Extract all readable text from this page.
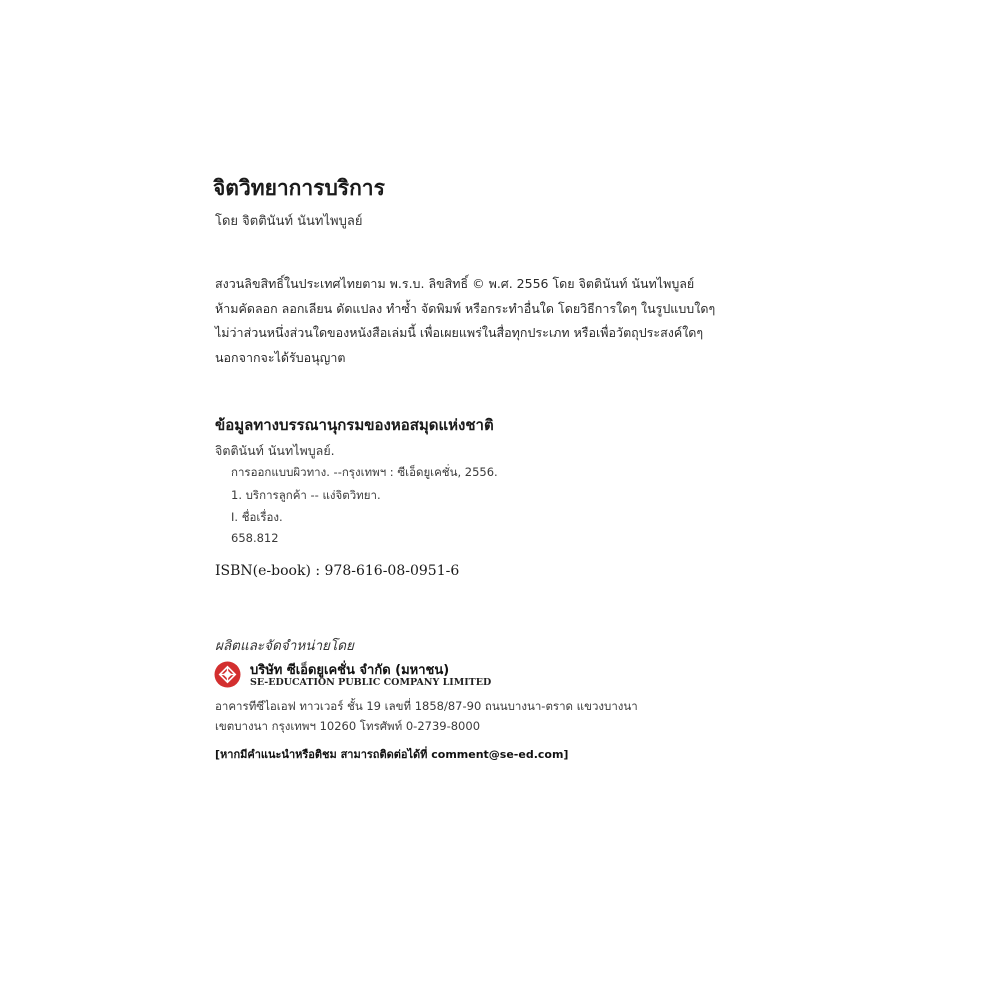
จิตวิทยาการบริการ
โดย จิตตินันท์ นันทไพบูลย์
สงวนลิขสิทธิ์ในประเทศไทยตาม พ.ร.บ. ลิขสิทธิ์ © พ.ศ. 2556 โดย จิตตินันท์ นันทไพบูลย์
ห้ามคัดลอก ลอกเลียน ดัดแปลง ทำซ้ำ จัดพิมพ์ หรือกระทำอื่นใด โดยวิธีการใดๆ ในรูปแบบใดๆ
ไม่ว่าส่วนหนึ่งส่วนใดของหนังสือเล่มนี้ เพื่อเผยแพร่ในสื่อทุกประเภท หรือเพื่อวัตถุประสงค์ใดๆ
นอกจากจะได้รับอนุญาต
ข้อมูลทางบรรณานุกรมของหอสมุดแห่งชาติ
จิตตินันท์ นันทไพบูลย์.
การออกแบบผิวทาง. --กรุงเทพฯ : ซีเอ็ดยูเคชั่น, 2556.
1. บริการลูกค้า -- แง่จิตวิทยา.
I. ชื่อเรื่อง.
658.812
ISBN(e-book) : 978-616-08-0951-6
ผลิตและจัดจำหน่ายโดย
บริษัท ซีเอ็ดยูเคชั่น จำกัด (มหาชน)
SE-EDUCATION PUBLIC COMPANY LIMITED
อาคารทีซีไอเอฟ ทาวเวอร์ ชั้น 19 เลขที่ 1858/87-90 ถนนบางนา-ตราด แขวงบางนา
เขตบางนา กรุงเทพฯ 10260 โทรศัพท์ 0-2739-8000
[หากมีคำแนะนำหรือติชม สามารถติดต่อได้ที่ comment@se-ed.com]
